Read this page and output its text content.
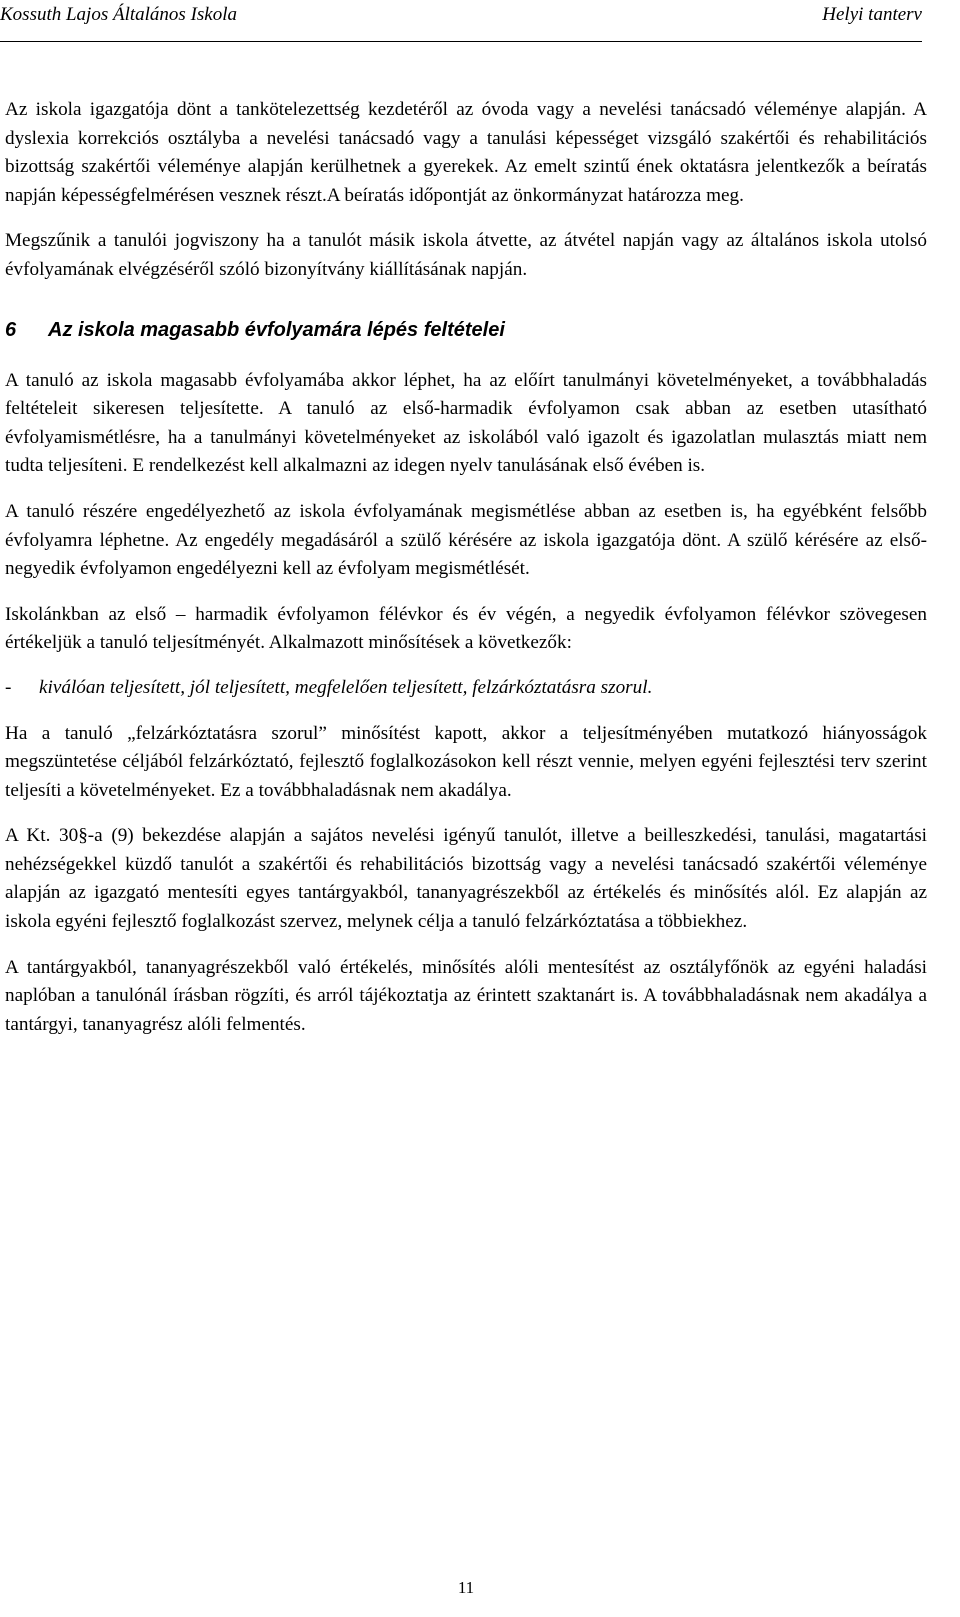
Kossuth Lajos Általános Iskola	Helyi tanterv

Az iskola igazgatója dönt a tankötelezettség kezdetéről az óvoda vagy a nevelési tanácsadó véleménye alapján. A dyslexia korrekciós osztályba a nevelési tanácsadó vagy a tanulási képességet vizsgáló szakértői és rehabilitációs bizottság szakértői véleménye alapján kerülhetnek a gyerekek. Az emelt szintű ének oktatásra jelentkezők a beíratás napján képességfelmérésen vesznek részt.A beíratás időpontját az önkormányzat határozza meg.

Megszűnik a tanulói jogviszony ha a tanulót másik iskola átvette, az átvétel napján vagy az általános iskola utolsó évfolyamának elvégzéséről szóló bizonyítvány kiállításának napján.

6 Az iskola magasabb évfolyamára lépés feltételei

A tanuló az iskola magasabb évfolyamába akkor léphet, ha az előírt tanulmányi követelményeket, a továbbhaladás feltételeit sikeresen teljesítette. A tanuló az első-harmadik évfolyamon csak abban az esetben utasítható évfolyamismétlésre, ha a tanulmányi követelményeket az iskolából való igazolt és igazolatlan mulasztás miatt nem tudta teljesíteni. E rendelkezést kell alkalmazni az idegen nyelv tanulásának első évében is.

A tanuló részére engedélyezhető az iskola évfolyamának megismétlése abban az esetben is, ha egyébként felsőbb évfolyamra léphetne. Az engedély megadásáról a szülő kérésére az iskola igazgatója dönt. A szülő kérésére az első-negyedik évfolyamon engedélyezni kell az évfolyam megismétlését.

Iskolánkban az első – harmadik évfolyamon félévkor és év végén, a negyedik évfolyamon félévkor szövegesen értékeljük a tanuló teljesítményét. Alkalmazott minősítések a következők:

-	kiválóan teljesített, jól teljesített, megfelelően teljesített, felzárkóztatásra szorul.

Ha a tanuló „felzárkóztatásra szorul” minősítést kapott, akkor a teljesítményében mutatkozó hiányosságok megszüntetése céljából felzárkóztató, fejlesztő foglalkozásokon kell részt vennie, melyen egyéni fejlesztési terv szerint teljesíti a követelményeket. Ez a továbbhaladásnak nem akadálya.

A Kt. 30§-a (9) bekezdése alapján a sajátos nevelési igényű tanulót, illetve a beilleszkedési, tanulási, magatartási nehézségekkel küzdő tanulót a szakértői és rehabilitációs bizottság vagy a nevelési tanácsadó szakértői véleménye alapján az igazgató mentesíti egyes tantárgyakból, tananyagrészekből az értékelés és minősítés alól. Ez alapján az iskola egyéni fejlesztő foglalkozást szervez, melynek célja a tanuló felzárkóztatása a többiekhez.

A tantárgyakból, tananyagrészekből való értékelés, minősítés alóli mentesítést az osztályfőnök az egyéni haladási naplóban a tanulónál írásban rögzíti, és arról tájékoztatja az érintett szaktanárt is. A továbbhaladásnak nem akadálya a tantárgyi, tananyagrész alóli felmentés.

11
